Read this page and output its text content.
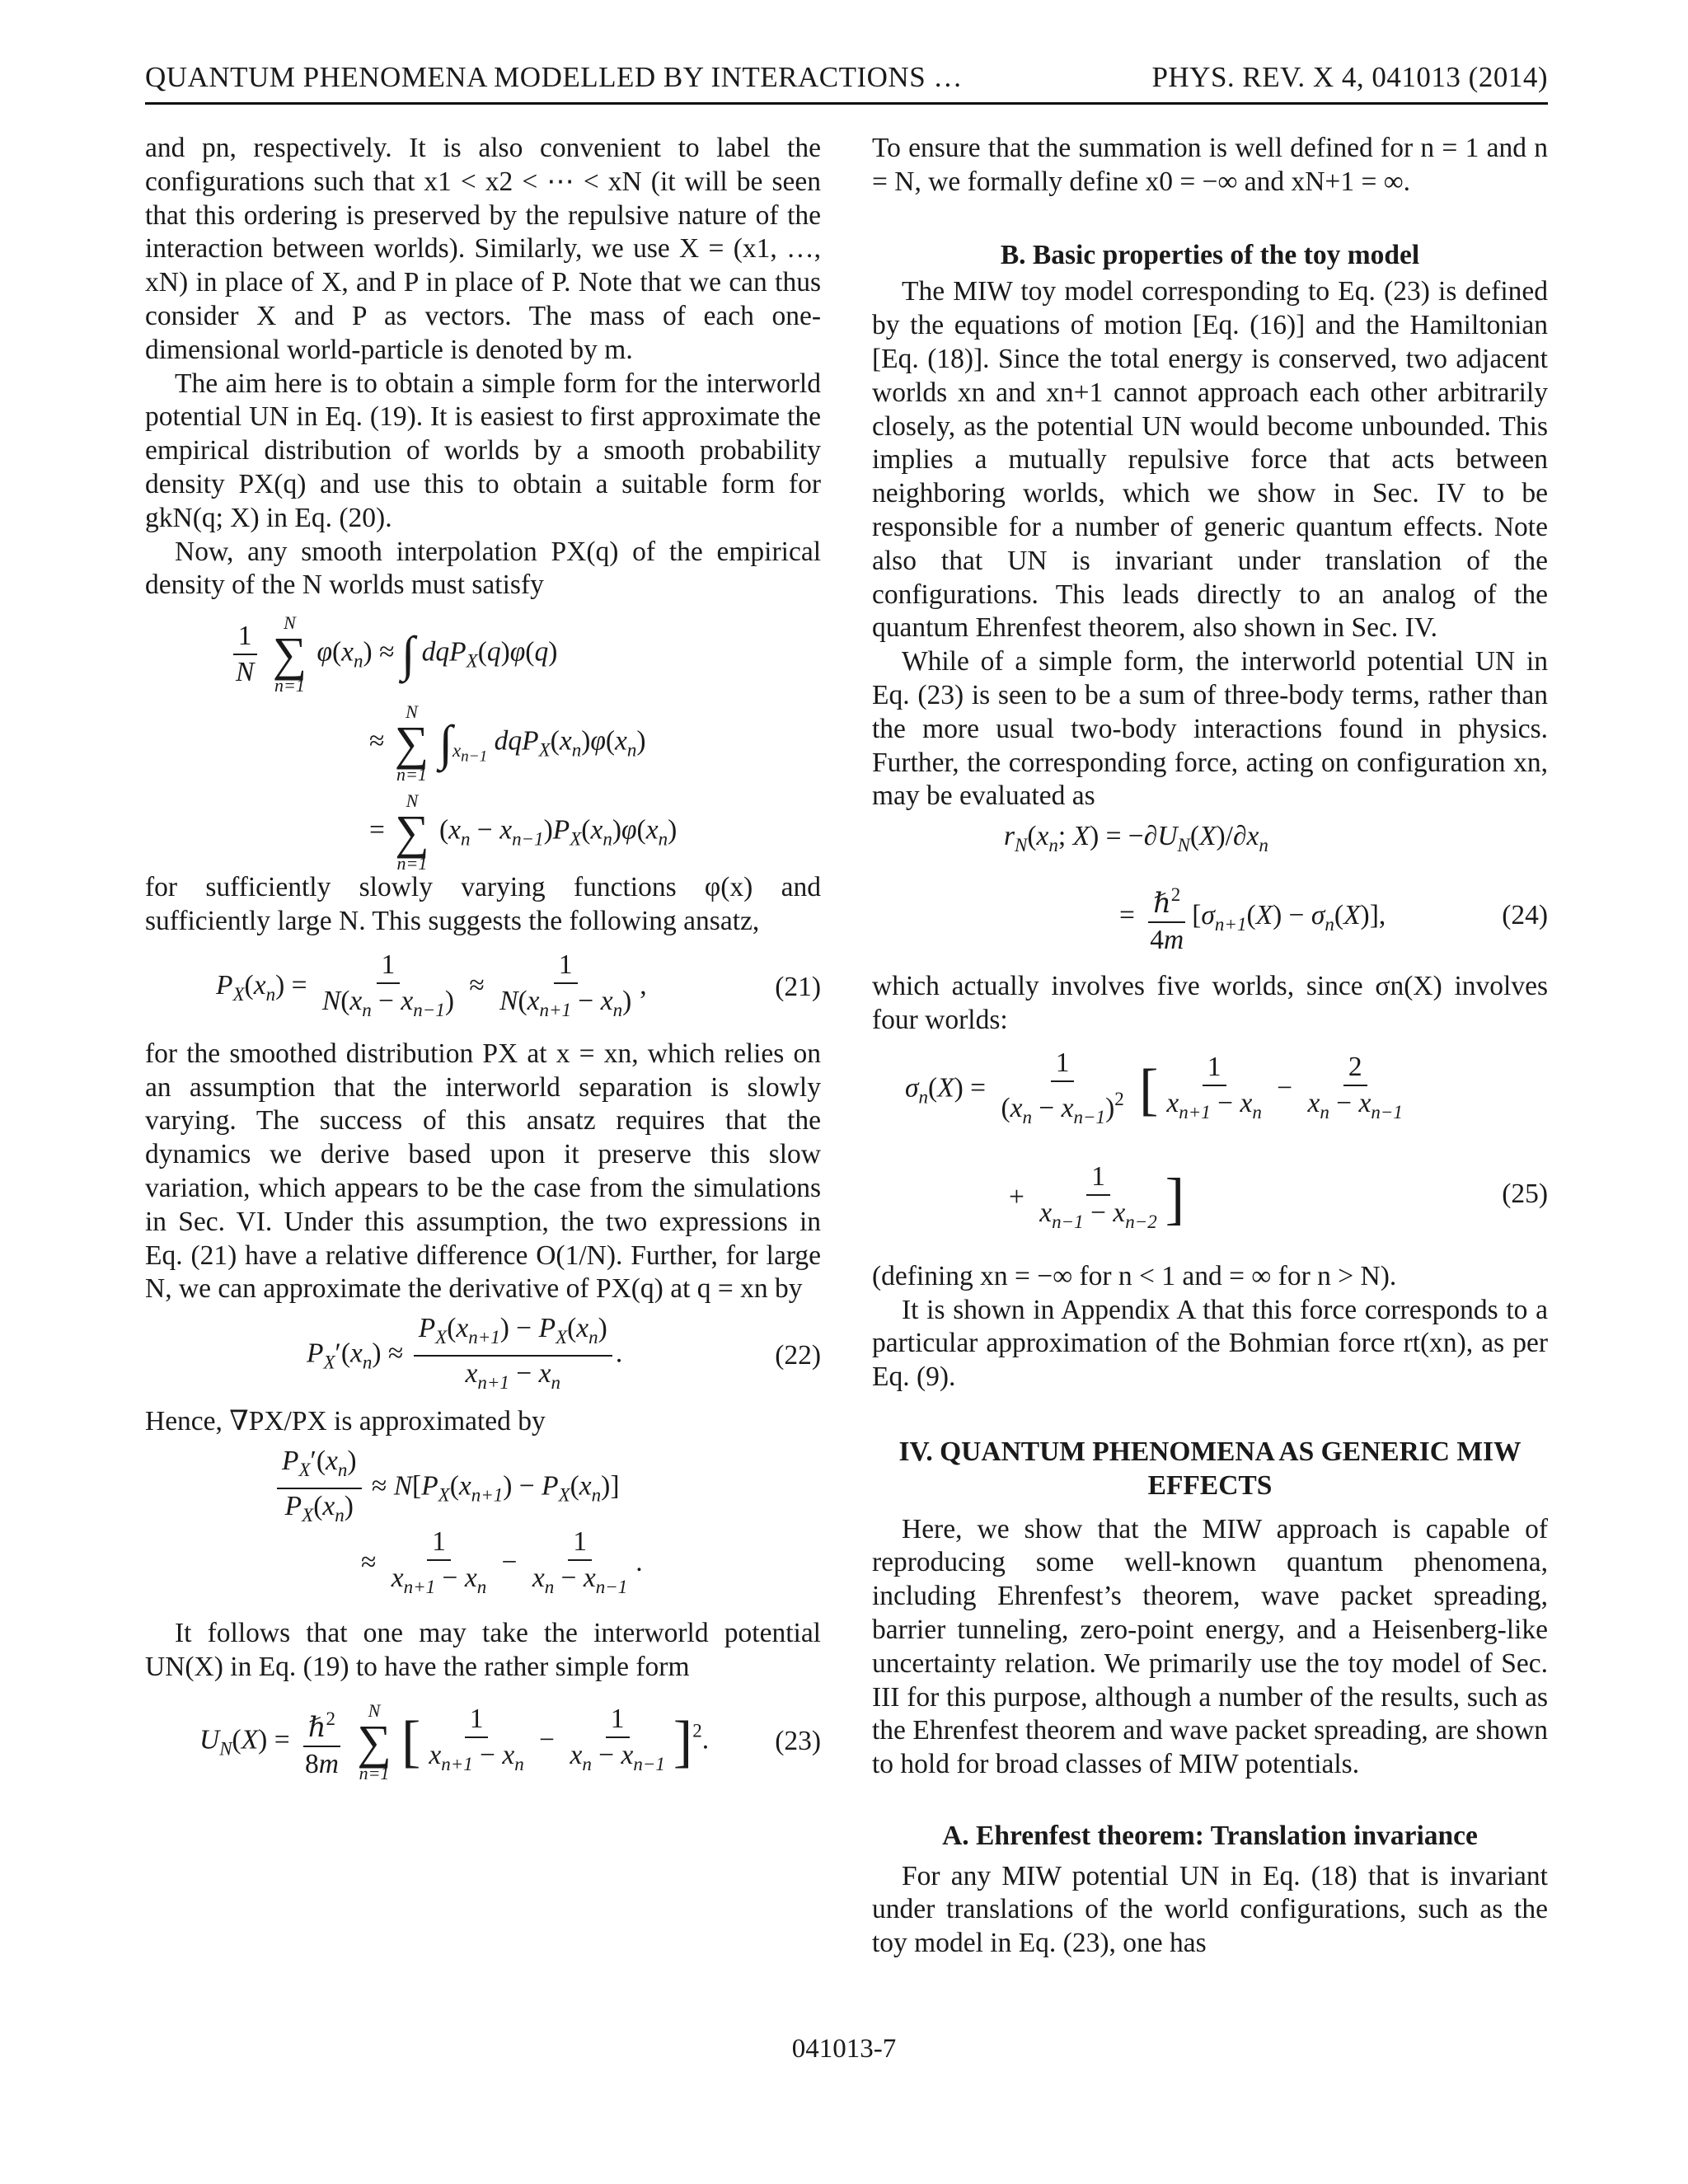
QUANTUM PHENOMENA MODELLED BY INTERACTIONS …	PHYS. REV. X 4, 041013 (2014)

and pn, respectively. It is also convenient to label the configurations such that x1 < x2 < ⋯ < xN (it will be seen that this ordering is preserved by the repulsive nature of the interaction between worlds). Similarly, we use X = (x1, …, xN) in place of X, and P in place of P. Note that we can thus consider X and P as vectors. The mass of each one-dimensional world-particle is denoted by m.

The aim here is to obtain a simple form for the interworld potential UN in Eq. (19). It is easiest to first approximate the empirical distribution of worlds by a smooth probability density PX(q) and use this to obtain a suitable form for gkN(q; X) in Eq. (20).

Now, any smooth interpolation PX(q) of the empirical density of the N worlds must satisfy

$\frac{1}{N}$
N
∑
n=1
$\varphi(x_n)$ ≈ ∫ dqP$_X$(q)φ(q)
≈
N
∑
n=1
$\int_{x_{n-1}}$ $dqP_X(x_n)\varphi(x_n)$
=
N
∑
n=1
$(x_n - x_{n-1})P_X(x_n)\varphi(x_n)$

for sufficiently slowly varying functions φ(x) and sufficiently large N. This suggests the following ansatz,

$P_X(x_n) = \frac{1}{N(x_n - x_{n-1})} \approx \frac{1}{N(x_{n+1} - x_n)}$ ,	(21)

for the smoothed distribution PX at x = xn, which relies on an assumption that the interworld separation is slowly varying. The success of this ansatz requires that the dynamics we derive based upon it preserve this slow variation, which appears to be the case from the simulations in Sec. VI. Under this assumption, the two expressions in Eq. (21) have a relative difference O(1/N). Further, for large N, we can approximate the derivative of PX(q) at q = xn by

$P_X'(x_n) \approx \frac{P_X(x_{n+1}) - P_X(x_n)}{x_{n+1} - x_n}$ .	(22)

Hence, ∇PX/PX is approximated by

$\frac{P_X'(x_n)}{P_X(x_n)} \approx N[P_X(x_{n+1}) - P_X(x_n)]$
≈ $\frac{1}{x_{n+1} - x_n} - \frac{1}{x_n - x_{n-1}}$ .

It follows that one may take the interworld potential UN(X) in Eq. (19) to have the rather simple form

$U_N(X) = \frac{\hbar^2}{8m}$
N
∑
n=1 [ $\frac{1}{x_{n+1} - x_n} - \frac{1}{x_n - x_{n-1}} ]^2$. (23)

To ensure that the summation is well defined for n = 1 and n = N, we formally define x0 = −∞ and xN+1 = ∞.

B. Basic properties of the toy model

The MIW toy model corresponding to Eq. (23) is defined by the equations of motion [Eq. (16)] and the Hamiltonian [Eq. (18)]. Since the total energy is conserved, two adjacent worlds xn and xn+1 cannot approach each other arbitrarily closely, as the potential UN would become unbounded. This implies a mutually repulsive force that acts between neighboring worlds, which we show in Sec. IV to be responsible for a number of generic quantum effects. Note also that UN is invariant under translation of the configurations. This leads directly to an analog of the quantum Ehrenfest theorem, also shown in Sec. IV.

While of a simple form, the interworld potential UN in Eq. (23) is seen to be a sum of three-body terms, rather than the more usual two-body interactions found in physics. Further, the corresponding force, acting on configuration xn, may be evaluated as

$r_N(x_n$; $X) = -\partial U_N(X)/\partial x_n$
= $\frac{\hbar^2}{4m} [\sigma_{n+1}(X) - \sigma_n(X)]$,	(24)

which actually involves five worlds, since σn(X) involves four worlds:

$\sigma_n(X) = \frac{1}{(x_n - x_{n-1})^2}$ [ $\frac{1}{x_{n+1} - x_n} - \frac{2}{x_n - x_{n-1}}$
+ $\frac{1}{x_{n-1} - x_{n-2}}$ ]	(25)

(defining xn = −∞ for n < 1 and = ∞ for n > N).

It is shown in Appendix A that this force corresponds to a particular approximation of the Bohmian force rt(xn), as per Eq. (9).

IV. QUANTUM PHENOMENA AS GENERIC MIW EFFECTS

Here, we show that the MIW approach is capable of reproducing some well-known quantum phenomena, including Ehrenfest’s theorem, wave packet spreading, barrier tunneling, zero-point energy, and a Heisenberg-like uncertainty relation. We primarily use the toy model of Sec. III for this purpose, although a number of the results, such as the Ehrenfest theorem and wave packet spreading, are shown to hold for broad classes of MIW potentials.

A. Ehrenfest theorem: Translation invariance

For any MIW potential UN in Eq. (18) that is invariant under translations of the world configurations, such as the toy model in Eq. (23), one has

041013-7
